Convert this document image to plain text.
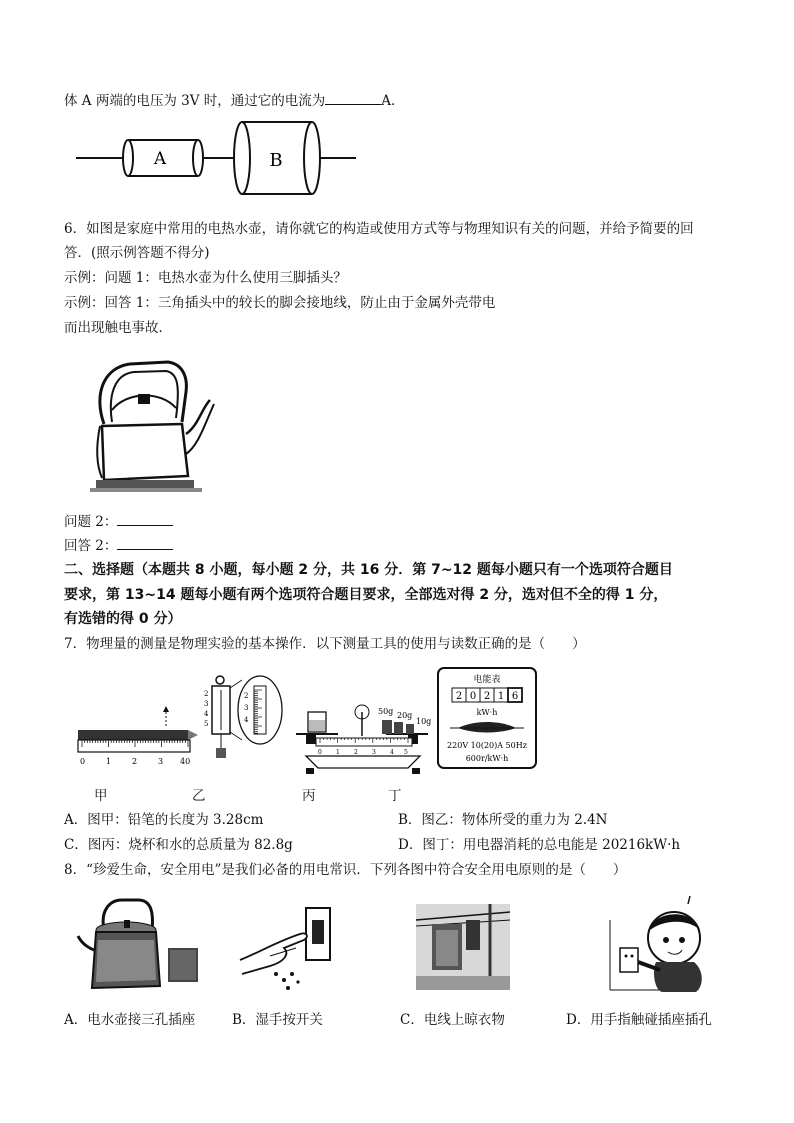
体 A 两端的电压为 3V 时，通过它的电流为	A．
A	B
6．如图是家庭中常用的电热水壶，请你就它的构造或使用方式等与物理知识有关的问题，并给予简要的回
答．(照示例答题不得分)
示例：问题 1：电热水壶为什么使用三脚插头？
示例：回答 1：三角插头中的较长的脚会接地线，防止由于金属外壳带电
而出现触电事故．
问题 2：
回答 2：
二、选择题（本题共 8 小题，每小题 2 分，共 16 分．第 7~12 题每小题只有一个选项符合题目
要求，第 13~14 题每小题有两个选项符合题目要求，全部选对得 2 分，选对但不全的得 1 分，
有选错的得 0 分）
7．物理量的测量是物理实验的基本操作．以下测量工具的使用与读数正确的是（　　）
0	1	2	3 40
2
3
4
5
2
3
4
0 1 2 3 4 5
50g 20g
10g
电能表
2 0 2 1 6
kW·h
220V 10(20)A 50Hz
600r/kW·h
甲	乙	丙	丁
A．图甲：铅笔的长度为 3.28cm	B．图乙：物体所受的重力为 2.4N
C．图丙：烧杯和水的总质量为 82.8g	D．图丁：用电器消耗的总电能是 20216kW·h
8．“珍爱生命，安全用电”是我们必备的用电常识．下列各图中符合安全用电原则的是（　　）
A．电水壶接三孔插座	B．湿手按开关	C．电线上晾衣物	D．用手指触碰插座插孔
